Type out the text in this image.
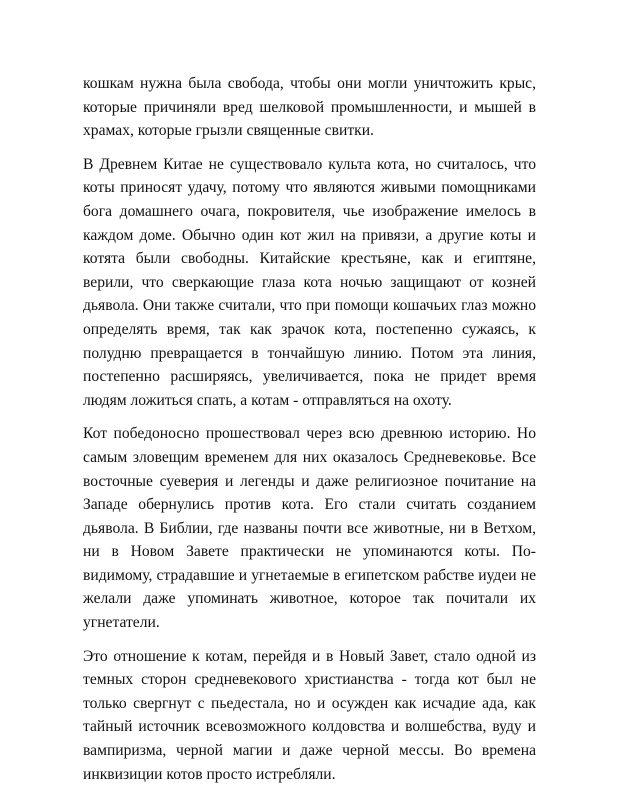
кошкам нужна была свобода, чтобы они могли уничтожить крыс, которые причиняли вред шелковой промышленности, и мышей в храмах, которые грызли священные свитки.

В Древнем Китае не существовало культа кота, но считалось, что коты приносят удачу, потому что являются живыми помощниками бога домашнего очага, покровителя, чье изображение имелось в каждом доме. Обычно один кот жил на привязи, а другие коты и котята были свободны. Китайские крестьяне, как и египтяне, верили, что сверкающие глаза кота ночью защищают от козней дьявола. Они также считали, что при помощи кошачьих глаз можно определять время, так как зрачок кота, постепенно сужаясь, к полудню превращается в тончайшую линию. Потом эта линия, постепенно расширяясь, увеличивается, пока не придет время людям ложиться спать, а котам - отправляться на охоту.

Кот победоносно прошествовал через всю древнюю историю. Но самым зловещим временем для них оказалось Средневековье. Все восточные суеверия и легенды и даже религиозное почитание на Западе обернулись против кота. Его стали считать созданием дьявола. В Библии, где названы почти все животные, ни в Ветхом, ни в Новом Завете практически не упоминаются коты. По-видимому, страдавшие и угнетаемые в египетском рабстве иудеи не желали даже упоминать животное, которое так почитали их угнетатели.

Это отношение к котам, перейдя и в Новый Завет, стало одной из темных сторон средневекового христианства - тогда кот был не только свергнут с пьедестала, но и осужден как исчадие ада, как тайный источник всевозможного колдовства и волшебства, вуду и вампиризма, черной магии и даже черной мессы. Во времена инквизиции котов просто истребляли.
